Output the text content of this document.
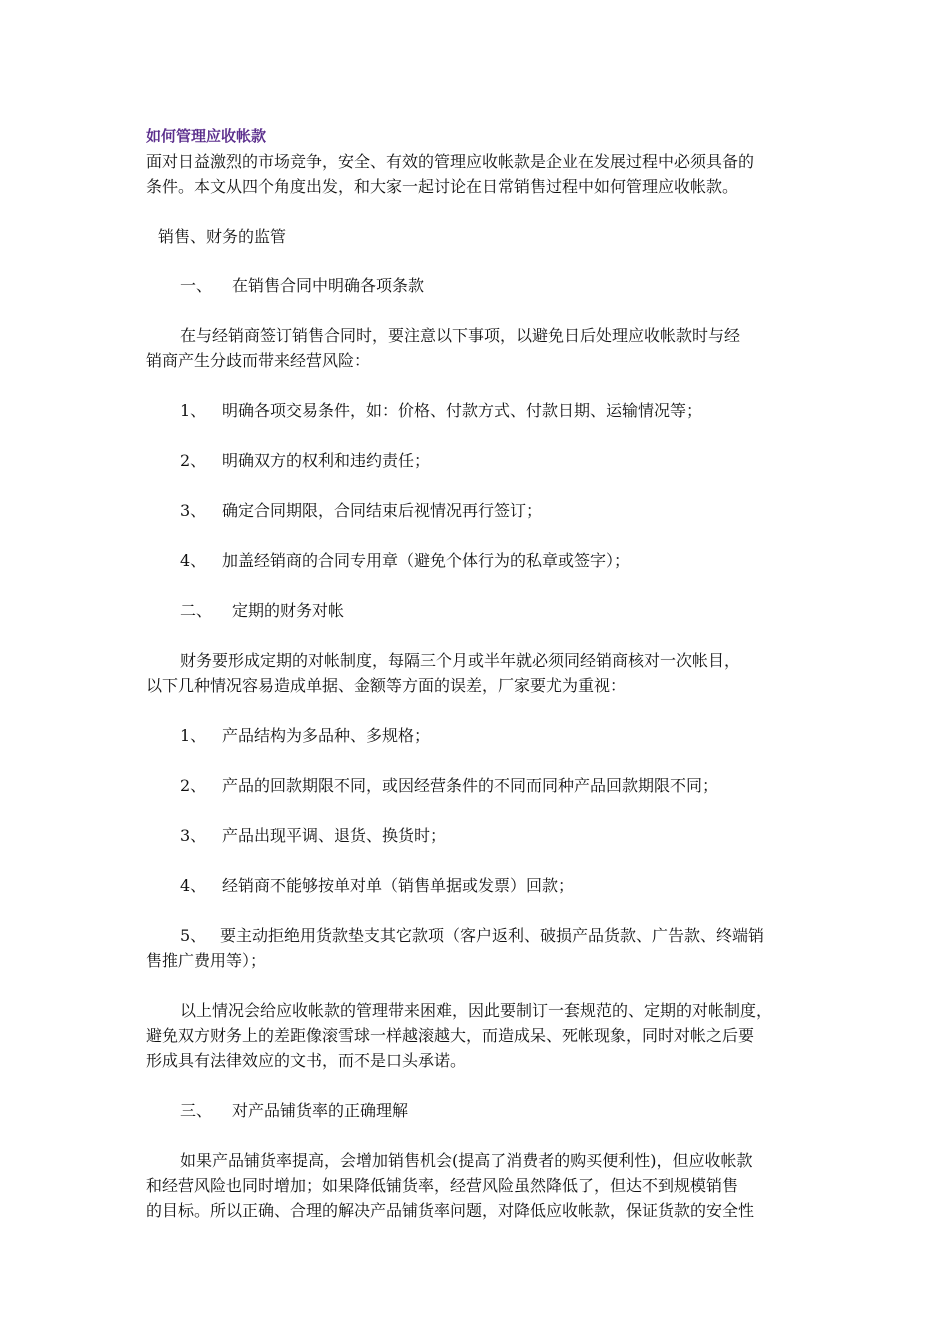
如何管理应收帐款
面对日益激烈的市场竞争，安全、有效的管理应收帐款是企业在发展过程中必须具备的
条件。本文从四个角度出发，和大家一起讨论在日常销售过程中如何管理应收帐款。
销售、财务的监管
一、 在销售合同中明确各项条款
在与经销商签订销售合同时，要注意以下事项，以避免日后处理应收帐款时与经
销商产生分歧而带来经营风险：
1、 明确各项交易条件，如：价格、付款方式、付款日期、运输情况等；
2、 明确双方的权利和违约责任；
3、 确定合同期限，合同结束后视情况再行签订；
4、 加盖经销商的合同专用章（避免个体行为的私章或签字）；
二、 定期的财务对帐
财务要形成定期的对帐制度，每隔三个月或半年就必须同经销商核对一次帐目，
以下几种情况容易造成单据、金额等方面的误差，厂家要尤为重视：
1、 产品结构为多品种、多规格；
2、 产品的回款期限不同，或因经营条件的不同而同种产品回款期限不同；
3、 产品出现平调、退货、换货时；
4、 经销商不能够按单对单（销售单据或发票）回款；
5、 要主动拒绝用货款垫支其它款项（客户返利、破损产品货款、广告款、终端销
售推广费用等）；
以上情况会给应收帐款的管理带来困难，因此要制订一套规范的、定期的对帐制度，
避免双方财务上的差距像滚雪球一样越滚越大，而造成呆、死帐现象，同时对帐之后要
形成具有法律效应的文书，而不是口头承诺。
三、 对产品铺货率的正确理解
如果产品铺货率提高，会增加销售机会(提高了消费者的购买便利性)，但应收帐款
和经营风险也同时增加；如果降低铺货率，经营风险虽然降低了，但达不到规模销售
的目标。所以正确、合理的解决产品铺货率问题，对降低应收帐款，保证货款的安全性
